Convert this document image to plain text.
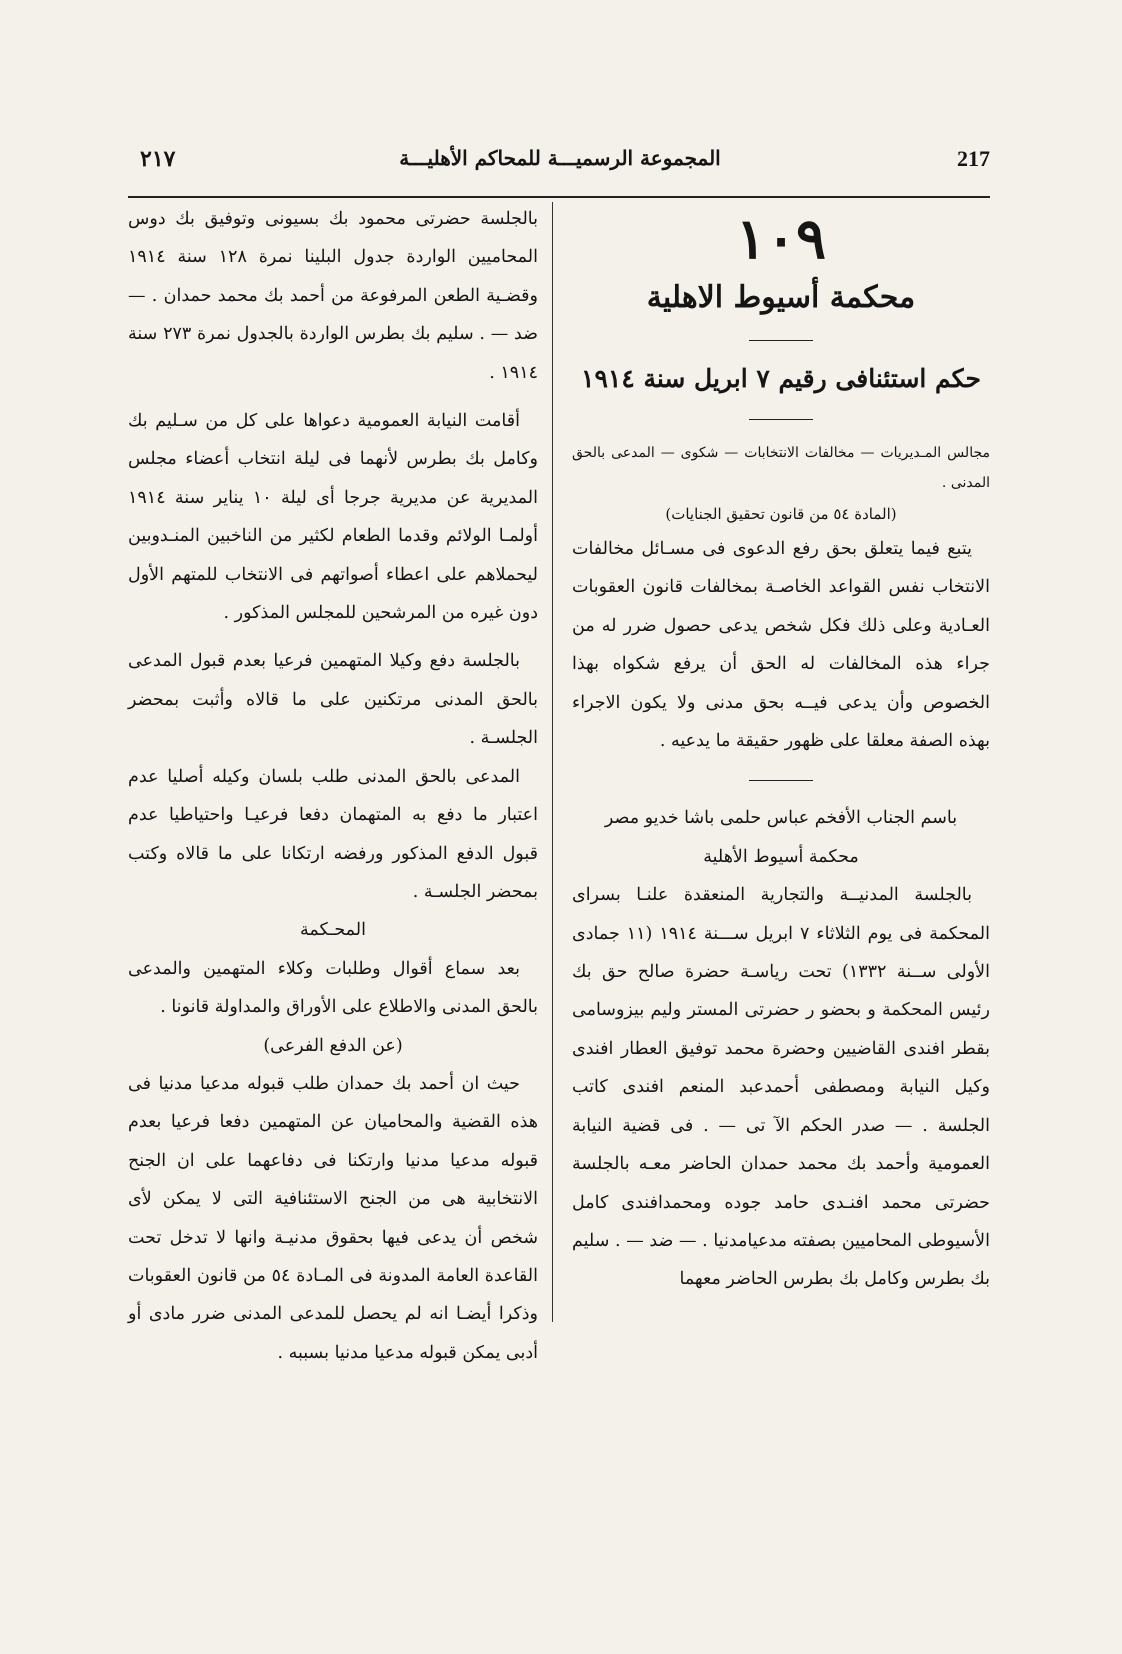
217
المجموعة الرسميـــة للمحاكم الأهليـــة
٢١٧
١٠٩
محكمة أسيوط الاهلية
حكم استئنافى رقيم ٧ ابريل سنة ١٩١٤
مجالس المـديريات — مخالفات الانتخابات — شكوى — المدعى بالحق المدنى .
(المادة ٥٤ من قانون تحقيق الجنايات)

يتبع فيما يتعلق بحق رفع الدعوى فى مسـائل مخالفات الانتخاب نفس القواعد الخاصـة بمخالفات قانون العقوبات العـادية وعلى ذلك فكل شخص يدعى حصول ضرر له من جراء هذه المخالفات له الحق أن يرفع شكواه بهذا الخصوص وأن يدعى فيــه بحق مدنى ولا يكون الاجراء بهذه الصفة معلقا على ظهور حقيقة ما يدعيه .

باسم الجناب الأفخم عباس حلمى باشا خديو مصر
محكمة أسيوط الأهلية

بالجلسة المدنيــة والتجارية المنعقدة علنـا بسراى المحكمة فى يوم الثلاثاء ٧ ابريل ســـنة ١٩١٤ (١١ جمادى الأولى ســنة ١٣٣٢) تحت رياسـة حضرة صالح حق بك رئيس المحكمة و بحضو ر حضرتى المستر وليم بيزوسامى بقطر افندى القاضيين وحضرة محمد توفيق العطار افندى وكيل النيابة ومصطفى أحمدعبد المنعم افندى كاتب الجلسة . — صدر الحكم الآ تى — . فى قضية النيابة العمومية وأحمد بك محمد حمدان الحاضر معـه بالجلسة حضرتى محمد افنـدى حامد جوده ومحمدافندى كامل الأسيوطى المحاميين بصفته مدعيامدنيا . — ضد — . سليم بك بطرس وكامل بك بطرس الحاضر معهما

بالجلسة حضرتى محمود بك بسيونى وتوفيق بك دوس المحاميين الواردة جدول البلينا نمرة ١٢٨ سنة ١٩١٤ وقضـية الطعن المرفوعة من أحمد بك محمد حمدان . — ضد — . سليم بك بطرس الواردة بالجدول نمرة ٢٧٣ سنة ١٩١٤ .

أقامت النيابة العمومية دعواها على كل من سـليم بك وكامل بك بطرس لأنهما فى ليلة انتخاب أعضاء مجلس المديرية عن مديرية جرجا أى ليلة ١٠ يناير سنة ١٩١٤ أولمـا الولائم وقدما الطعام لكثير من الناخبين المنـدوبين ليحملاهم على اعطاء أصواتهم فى الانتخاب للمتهم الأول دون غيره من المرشحين للمجلس المذكور .

بالجلسة دفع وكيلا المتهمين فرعيا بعدم قبول المدعى بالحق المدنى مرتكنين على ما قالاه وأثبت بمحضر الجلسـة .

المدعى بالحق المدنى طلب بلسان وكيله أصليا عدم اعتبار ما دفع به المتهمان دفعا فرعيـا واحتياطيا عدم قبول الدفع المذكور ورفضه ارتكانا على ما قالاه وكتب بمحضر الجلسـة .

المحـكمة

بعد سماع أقوال وطلبات وكلاء المتهمين والمدعى بالحق المدنى والاطلاع على الأوراق والمداولة قانونا .

(عن الدفع الفرعى)

حيث ان أحمد بك حمدان طلب قبوله مدعيا مدنيا فى هذه القضية والمحاميان عن المتهمين دفعا فرعيا بعدم قبوله مدعيا مدنيا وارتكنا فى دفاعهما على ان الجنح الانتخابية هى من الجنح الاستئنافية التى لا يمكن لأى شخص أن يدعى فيها بحقوق مدنيـة وانها لا تدخل تحت القاعدة العامة المدونة فى المـادة ٥٤ من قانون العقوبات وذكرا أيضـا انه لم يحصل للمدعى المدنى ضرر مادى أو أدبى يمكن قبوله مدعيا مدنيا بسببه .
